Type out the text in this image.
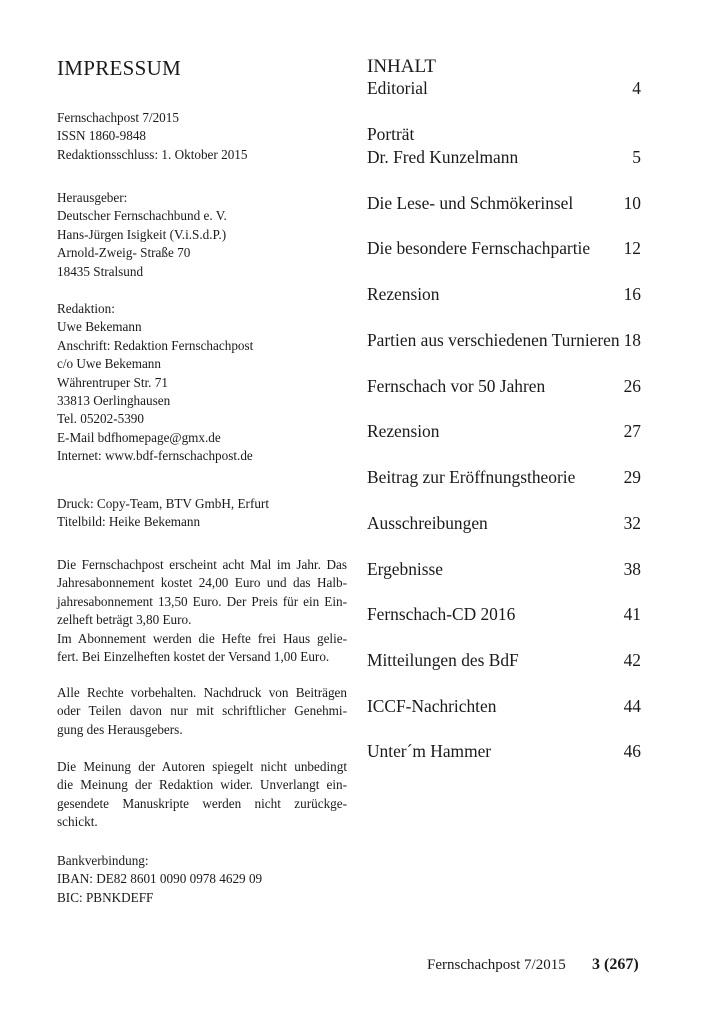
IMPRESSUM
Fernschachpost 7/2015
ISSN 1860-9848
Redaktionsschluss: 1. Oktober 2015
Herausgeber:
Deutscher Fernschachbund e. V.
Hans-Jürgen Isigkeit (V.i.S.d.P.)
Arnold-Zweig- Straße 70
18435 Stralsund
Redaktion:
Uwe Bekemann
Anschrift: Redaktion Fernschachpost
c/o Uwe Bekemann
Währentruper Str. 71
33813 Oerlinghausen
Tel. 05202-5390
E-Mail bdfhomepage@gmx.de
Internet: www.bdf-fernschachpost.de
Druck: Copy-Team, BTV GmbH, Erfurt
Titelbild: Heike Bekemann
Die Fernschachpost erscheint acht Mal im Jahr. Das
Jahresabonnement kostet 24,00 Euro und das Halb-
jahresabonnement 13,50 Euro. Der Preis für ein Ein-
zelheft beträgt 3,80 Euro.
Im Abonnement werden die Hefte frei Haus gelie-
fert. Bei Einzelheften kostet der Versand 1,00 Euro.
Alle Rechte vorbehalten. Nachdruck von Beiträgen
oder Teilen davon nur mit schriftlicher Genehmi-
gung des Herausgebers.
Die Meinung der Autoren spiegelt nicht unbedingt
die Meinung der Redaktion wider. Unverlangt ein-
gesendete Manuskripte werden nicht zurückge-
schickt.
Bankverbindung:
IBAN: DE82 8601 0090 0978 4629 09
BIC: PBNKDEFF
INHALT
Editorial	4
Porträt
Dr. Fred Kunzelmann	5
Die Lese- und Schmökerinsel	10
Die besondere Fernschachpartie	12
Rezension	16
Partien aus verschiedenen Turnieren 18
Fernschach vor 50 Jahren	26
Rezension	27
Beitrag zur Eröffnungstheorie	29
Ausschreibungen	32
Ergebnisse	38
Fernschach-CD 2016	41
Mitteilungen des BdF	42
ICCF-Nachrichten	44
Unter´m Hammer	46
Fernschachpost 7/2015 3 (267)
